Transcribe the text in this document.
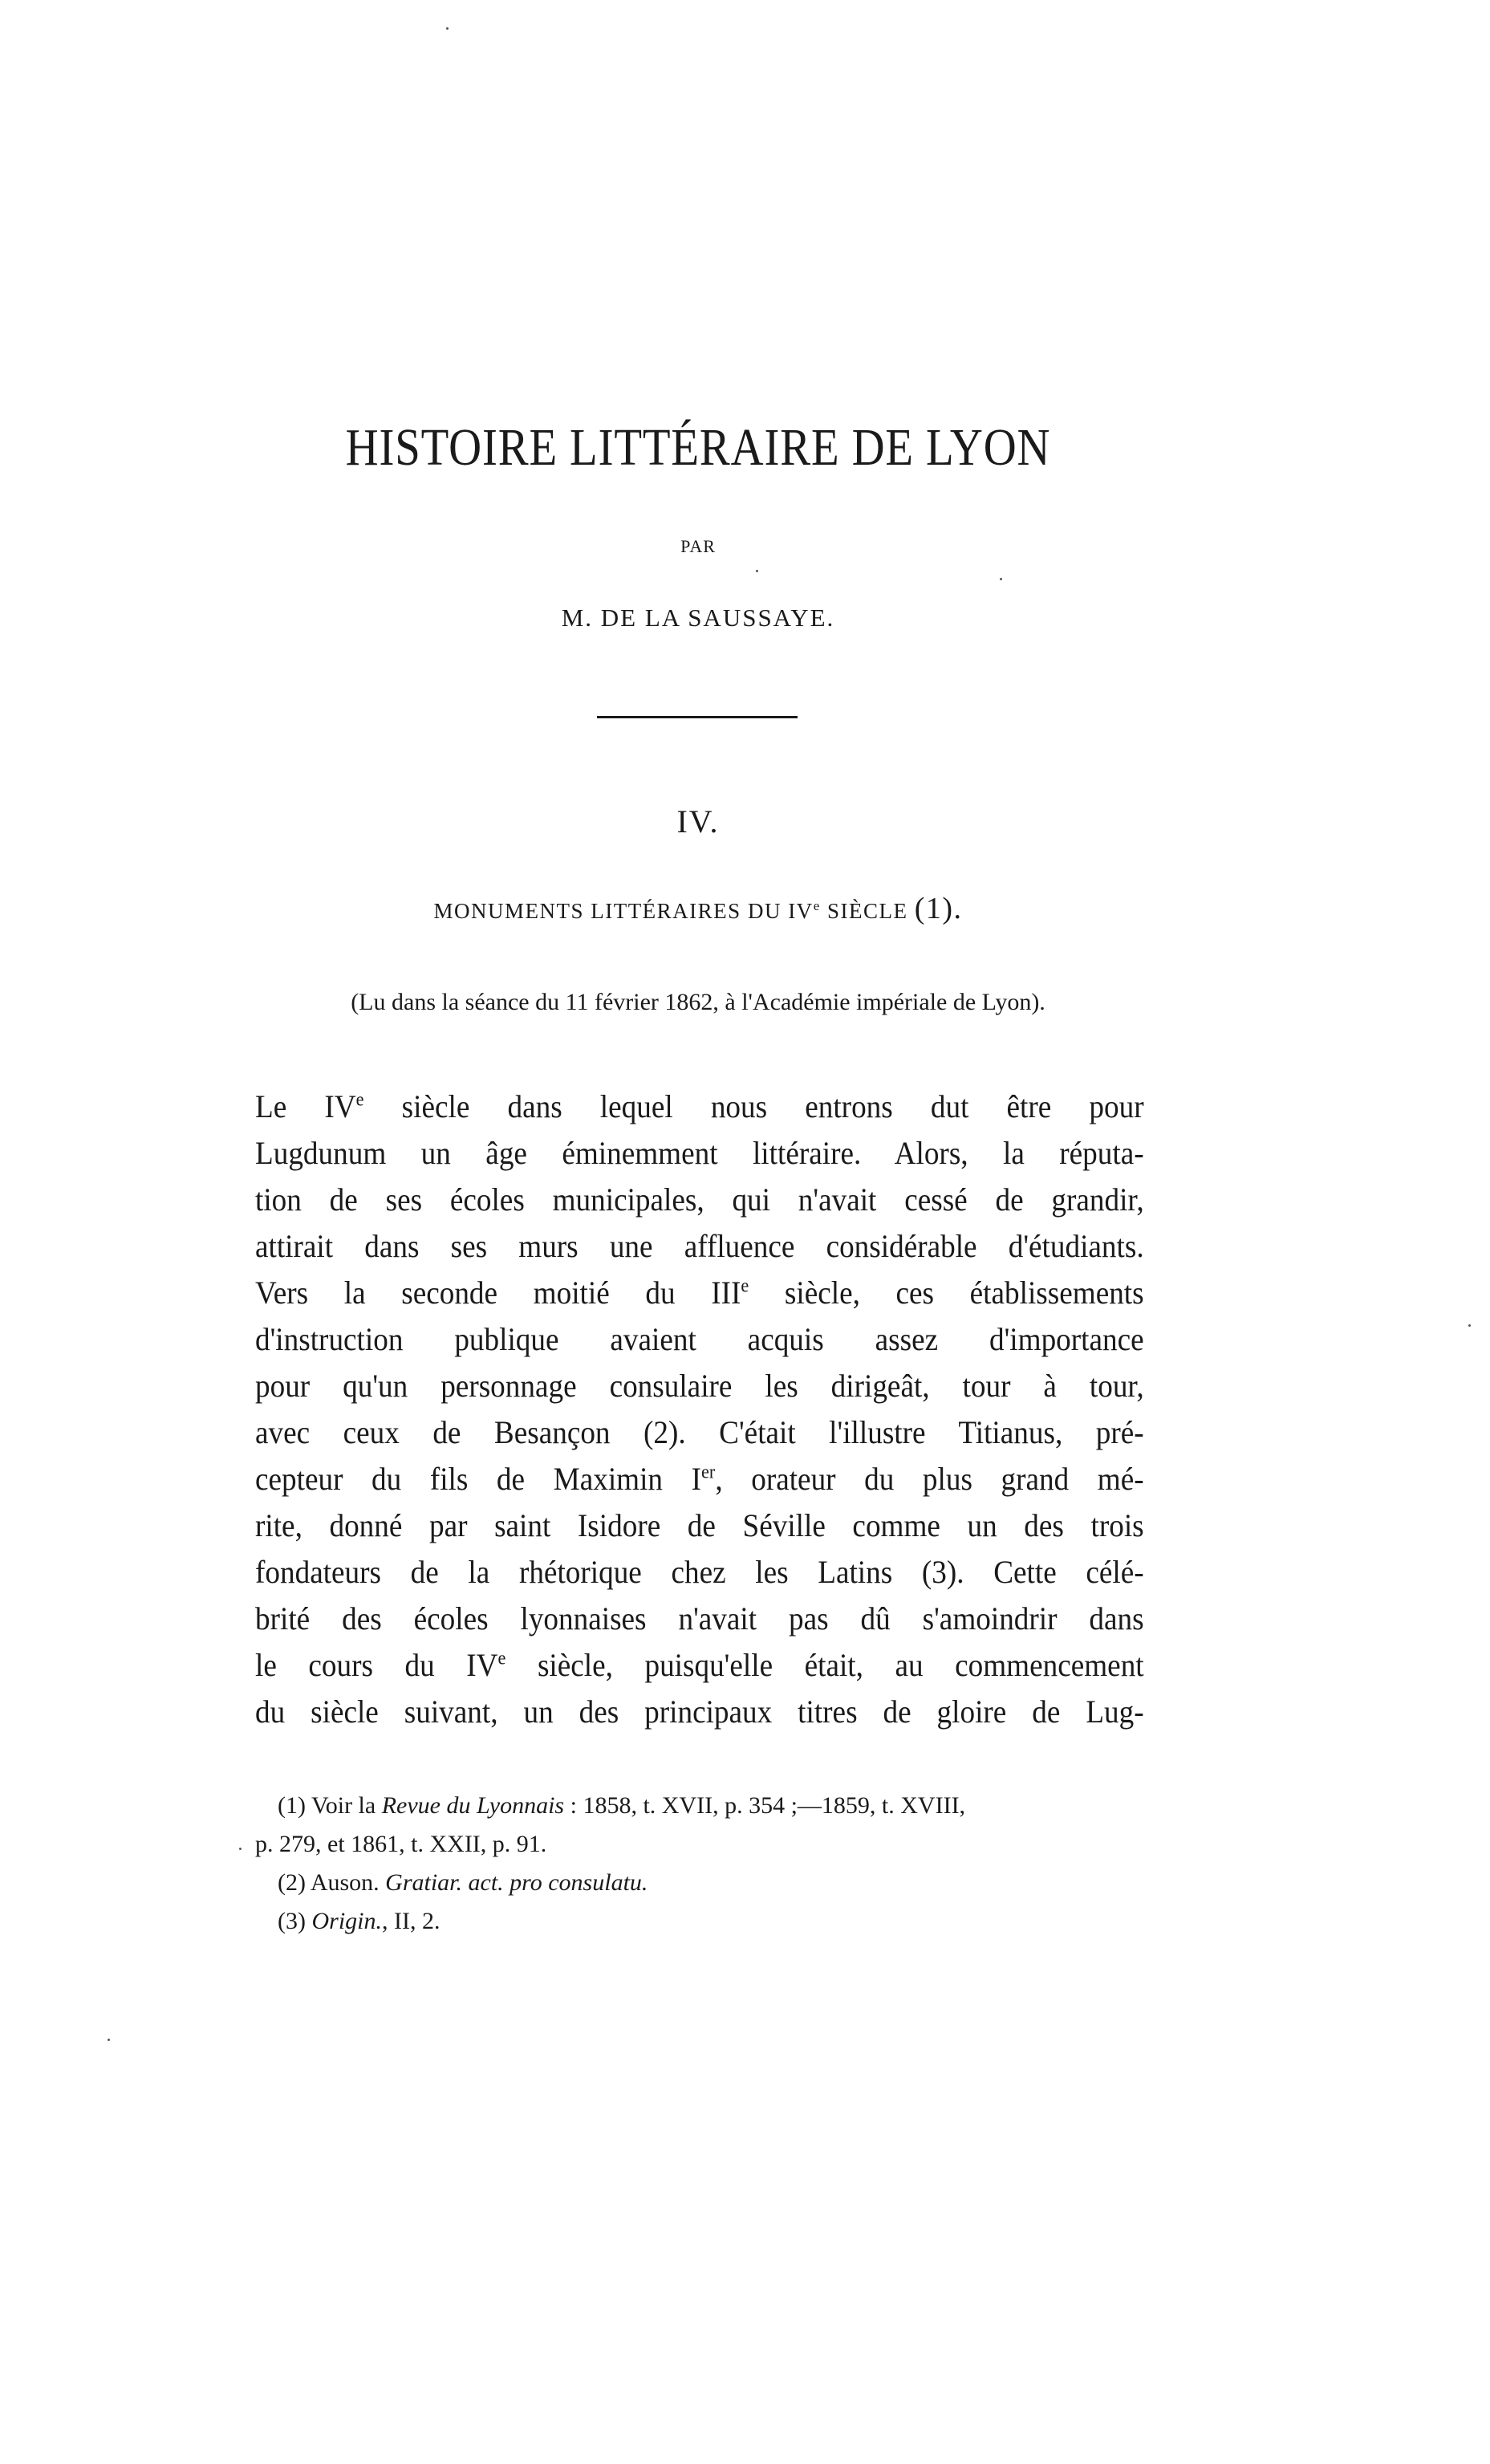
HISTOIRE LITTÉRAIRE DE LYON
PAR
M. DE LA SAUSSAYE.
IV.
MONUMENTS LITTÉRAIRES DU IVe SIÈCLE (1).
(Lu dans la séance du 11 février 1862, à l'Académie impériale de Lyon).
Le IVe siècle dans lequel nous entrons dut être pour
Lugdunum un âge éminemment littéraire. Alors, la réputa-
tion de ses écoles municipales, qui n'avait cessé de grandir,
attirait dans ses murs une affluence considérable d'étudiants.
Vers la seconde moitié du IIIe siècle, ces établissements
d'instruction publique avaient acquis assez d'importance
pour qu'un personnage consulaire les dirigeât, tour à tour,
avec ceux de Besançon (2). C'était l'illustre Titianus, pré-
cepteur du fils de Maximin Ier, orateur du plus grand mé-
rite, donné par saint Isidore de Séville comme un des trois
fondateurs de la rhétorique chez les Latins (3). Cette célé-
brité des écoles lyonnaises n'avait pas dû s'amoindrir dans
le cours du IVe siècle, puisqu'elle était, au commencement
du siècle suivant, un des principaux titres de gloire de Lug-
(1) Voir la Revue du Lyonnais : 1858, t. XVII, p. 354 ;—1859, t. XVIII,
p. 279, et 1861, t. XXII, p. 91.
(2) Auson. Gratiar. act. pro consulatu.
(3) Origin., II, 2.
